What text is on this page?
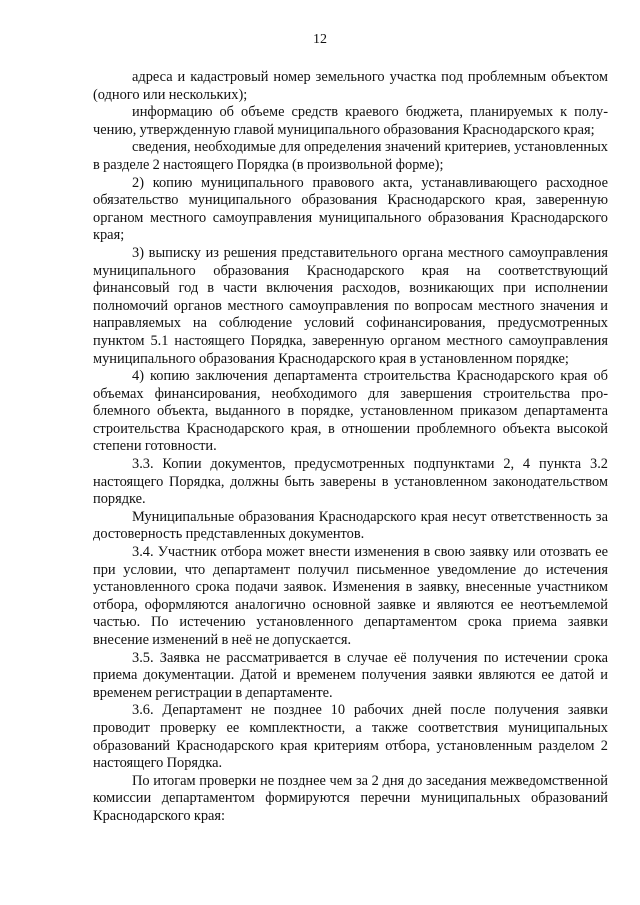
12

адреса и кадастровый номер земельного участка под проблемным объектом (одного или нескольких);

информацию об объеме средств краевого бюджета, планируемых к получению, утвержденную главой муниципального образования Краснодарского края;

сведения, необходимые для определения значений критериев, установленных в разделе 2 настоящего Порядка (в произвольной форме);

2) копию муниципального правового акта, устанавливающего расходное обязательство муниципального образования Краснодарского края, заверенную органом местного самоуправления муниципального образования Краснодарского края;

3) выписку из решения представительного органа местного самоуправления муниципального образования Краснодарского края на соответствующий финансовый год в части включения расходов, возникающих при исполнении полномочий органов местного самоуправления по вопросам местного значения и направляемых на соблюдение условий софинансирования, предусмотренных пунктом 5.1 настоящего Порядка, заверенную органом местного самоуправления муниципального образования Краснодарского края в установленном порядке;

4) копию заключения департамента строительства Краснодарского края об объемах финансирования, необходимого для завершения строительства проблемного объекта, выданного в порядке, установленном приказом департамента строительства Краснодарского края, в отношении проблемного объекта высокой степени готовности.

3.3. Копии документов, предусмотренных подпунктами 2, 4 пункта 3.2 настоящего Порядка, должны быть заверены в установленном законодательством порядке.

Муниципальные образования Краснодарского края несут ответственность за достоверность представленных документов.

3.4. Участник отбора может внести изменения в свою заявку или отозвать ее при условии, что департамент получил письменное уведомление до истечения установленного срока подачи заявок. Изменения в заявку, внесенные участником отбора, оформляются аналогично основной заявке и являются ее неотъемлемой частью. По истечению установленного департаментом срока приема заявки внесение изменений в неё не допускается.

3.5. Заявка не рассматривается в случае её получения по истечении срока приема документации. Датой и временем получения заявки являются ее датой и временем регистрации в департаменте.

3.6. Департамент не позднее 10 рабочих дней после получения заявки проводит проверку ее комплектности, а также соответствия муниципальных образований Краснодарского края критериям отбора, установленным разделом 2 настоящего Порядка.

По итогам проверки не позднее чем за 2 дня до заседания межведомственной комиссии департаментом формируются перечни муниципальных образований Краснодарского края:
